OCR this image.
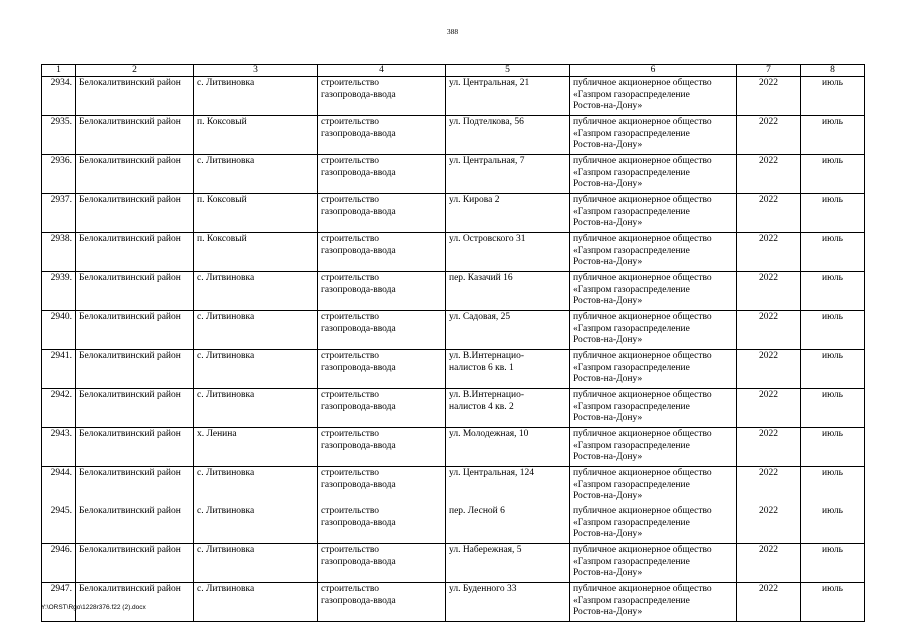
388
1	2	3	4	5	6	7	8
2934.	Белокалитвинский район	с. Литвиновка	строительство
газопровода-ввода	ул. Центральная, 21	публичное акционерное общество
«Газпром газораспределение
Ростов-на-Дону»	2022	июль
2935.	Белокалитвинский район	п. Коксовый	строительство
газопровода-ввода	ул. Подтелкова, 56	публичное акционерное общество
«Газпром газораспределение
Ростов-на-Дону»	2022	июль
2936.	Белокалитвинский район	с. Литвиновка	строительство
газопровода-ввода	ул. Центральная, 7	публичное акционерное общество
«Газпром газораспределение
Ростов-на-Дону»	2022	июль
2937.	Белокалитвинский район	п. Коксовый	строительство
газопровода-ввода	ул. Кирова 2	публичное акционерное общество
«Газпром газораспределение
Ростов-на-Дону»	2022	июль
2938.	Белокалитвинский район	п. Коксовый	строительство
газопровода-ввода	ул. Островского 31	публичное акционерное общество
«Газпром газораспределение
Ростов-на-Дону»	2022	июль
2939.	Белокалитвинский район	с. Литвиновка	строительство
газопровода-ввода	пер. Казачий 16	публичное акционерное общество
«Газпром газораспределение
Ростов-на-Дону»	2022	июль
2940.	Белокалитвинский район	с. Литвиновка	строительство
газопровода-ввода	ул. Садовая, 25	публичное акционерное общество
«Газпром газораспределение
Ростов-на-Дону»	2022	июль
2941.	Белокалитвинский район	с. Литвиновка	строительство
газопровода-ввода	ул. В.Интернацио-
налистов 6 кв. 1	публичное акционерное общество
«Газпром газораспределение
Ростов-на-Дону»	2022	июль
2942.	Белокалитвинский район	с. Литвиновка	строительство
газопровода-ввода	ул. В.Интернацио-
налистов 4 кв. 2	публичное акционерное общество
«Газпром газораспределение
Ростов-на-Дону»	2022	июль
2943.	Белокалитвинский район	х. Ленина	строительство
газопровода-ввода	ул. Молодежная, 10	публичное акционерное общество
«Газпром газораспределение
Ростов-на-Дону»	2022	июль
2944.	Белокалитвинский район	с. Литвиновка	строительство
газопровода-ввода	ул. Центральная, 124	публичное акционерное общество
«Газпром газораспределение
Ростов-на-Дону»	2022	июль
2945.	Белокалитвинский район	с. Литвиновка	строительство
газопровода-ввода	пер. Лесной 6	публичное акционерное общество
«Газпром газораспределение
Ростов-на-Дону»	2022	июль
2946.	Белокалитвинский район	с. Литвиновка	строительство
газопровода-ввода	ул. Набережная, 5	публичное акционерное общество
«Газпром газораспределение
Ростов-на-Дону»	2022	июль
2947.	Белокалитвинский район	с. Литвиновка	строительство
газопровода-ввода	ул. Буденного 33	публичное акционерное общество
«Газпром газораспределение
Ростов-на-Дону»	2022	июль
Y:\ORST\Rgo\1228r376.f22 (2).docx
